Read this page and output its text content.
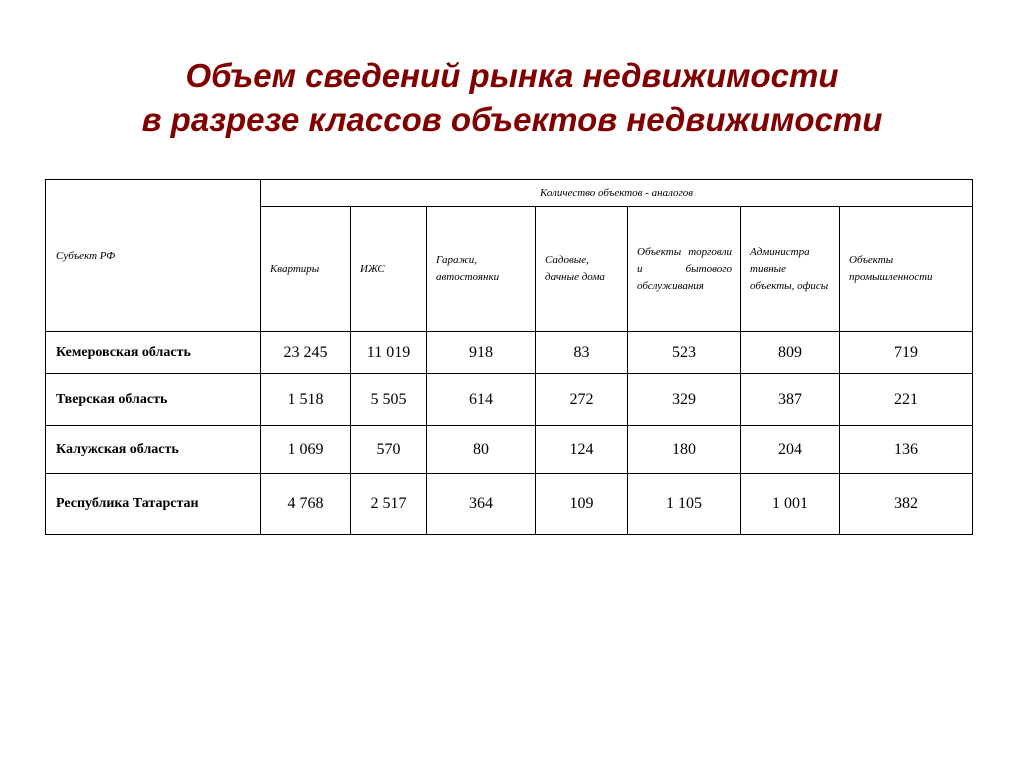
Объем сведений рынка недвижимости
в разрезе классов объектов недвижимости
Субъект РФ	Количество объектов - аналогов						
	Квартиры	ИЖС	Гаражи, автостоянки	Садовые, дачные дома	Объекты торговли и бытового обслуживания	Администра тивные объекты, офисы	Объекты промышленности
Кемеровская область	23 245	11 019	918	83	523	809	719
Тверская область	1 518	5 505	614	272	329	387	221
Калужская область	1 069	570	80	124	180	204	136
Республика Татарстан	4 768	2 517	364	109	1 105	1 001	382
